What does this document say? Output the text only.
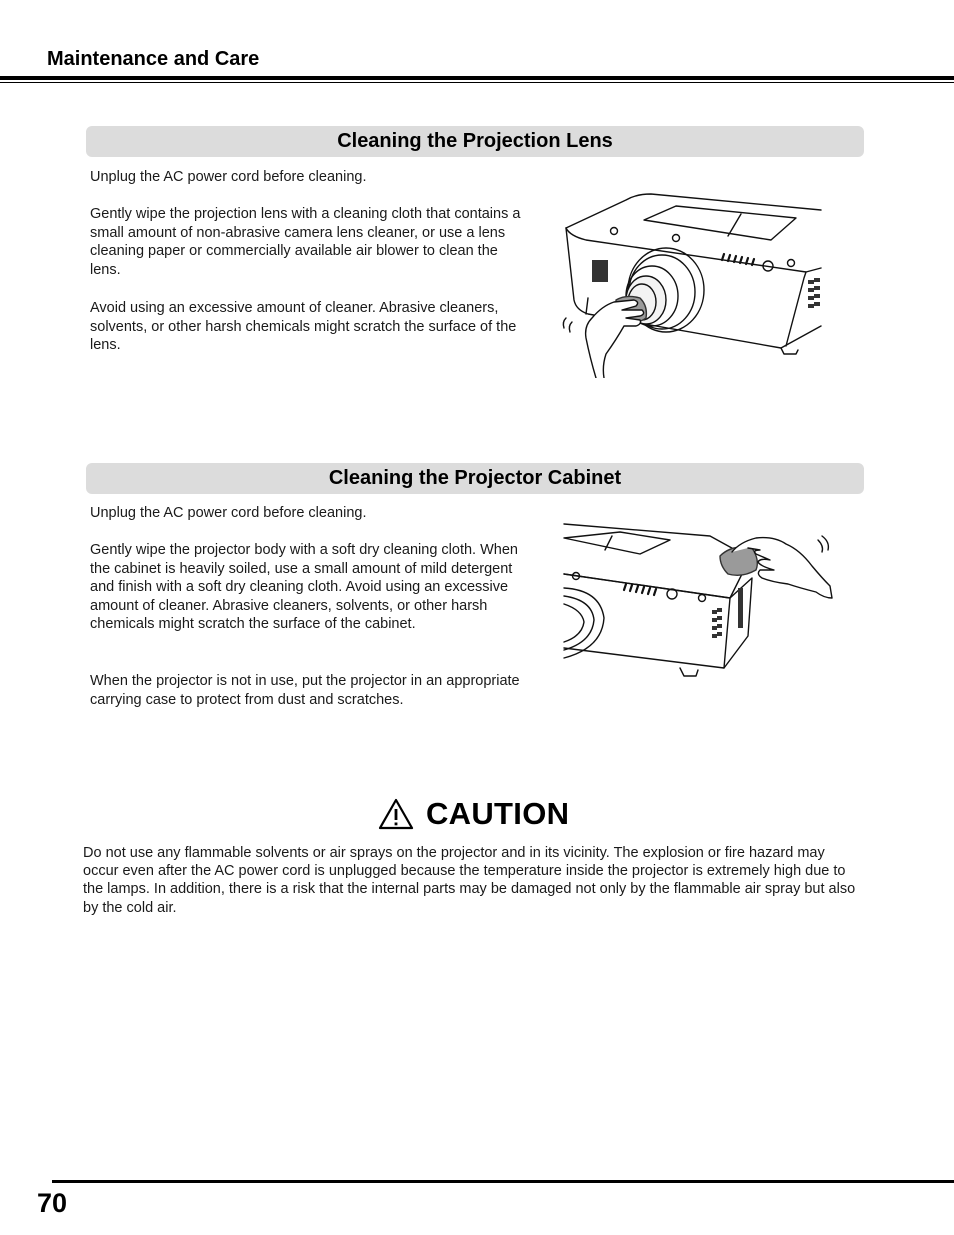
Maintenance and Care
Cleaning the Projection Lens

Unplug the AC power cord before cleaning.

Gently wipe the projection lens with a cleaning cloth that contains a small amount of non-abrasive camera lens cleaner, or use a lens cleaning paper or commercially available air blower to clean the lens.

Avoid using an excessive amount of cleaner. Abrasive cleaners, solvents, or other harsh chemicals might scratch the surface of the lens.

Cleaning the Projector Cabinet

Unplug the AC power cord before cleaning.

Gently wipe the projector body with a soft dry cleaning cloth. When the cabinet is heavily soiled, use a small amount of mild detergent and finish with a soft dry cleaning cloth. Avoid using an excessive amount of cleaner. Abrasive cleaners, solvents, or other harsh chemicals might scratch the surface of the cabinet.

When the projector is not in use, put the projector in an appropriate carrying case to protect from dust and scratches.

CAUTION

Do not use any flammable solvents or air sprays on the projector and in its vicinity. The explosion or fire hazard may occur even after the AC power cord is unplugged because the temperature inside the projector is extremely high due to the lamps. In addition, there is a risk that the internal parts may be damaged not only by the flammable air spray but also by the cold air.

70
